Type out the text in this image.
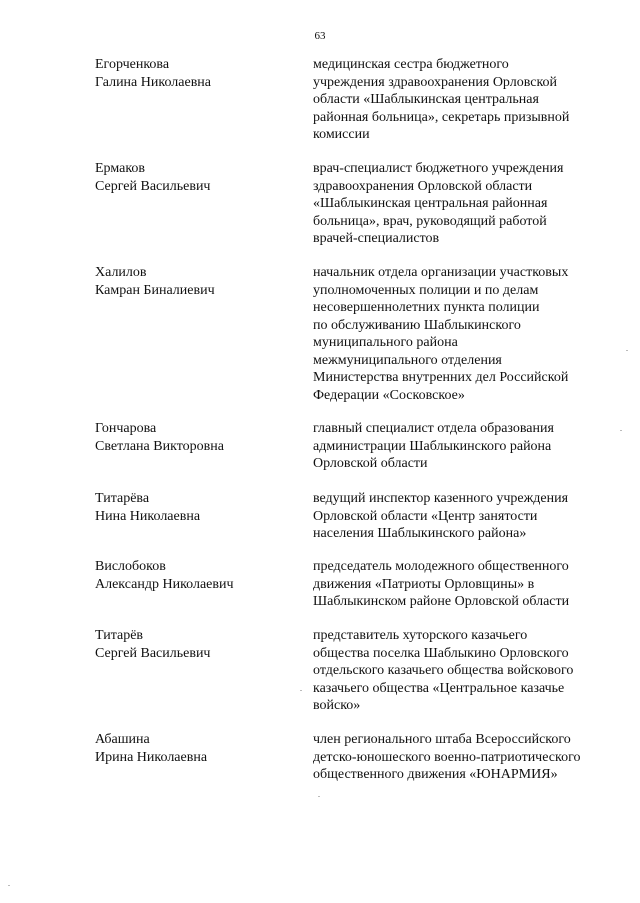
63
Егорченкова
Галина Николаевна
медицинская сестра бюджетного
учреждения здравоохранения Орловской
области «Шаблыкинская центральная
районная больница», секретарь призывной
комиссии
Ермаков
Сергей Васильевич
врач-специалист бюджетного учреждения
здравоохранения Орловской области
«Шаблыкинская центральная районная
больница», врач, руководящий работой
врачей-специалистов
Халилов
Камран Биналиевич
начальник отдела организации участковых
уполномоченных полиции и по делам
несовершеннолетних пункта полиции
по обслуживанию Шаблыкинского
муниципального района
межмуниципального отделения
Министерства внутренних дел Российской
Федерации «Сосковское»
Гончарова
Светлана Викторовна
главный специалист отдела образования
администрации Шаблыкинского района
Орловской области
Титарёва
Нина Николаевна
ведущий инспектор казенного учреждения
Орловской области «Центр занятости
населения Шаблыкинского района»
Вислобоков
Александр Николаевич
председатель молодежного общественного
движения «Патриоты Орловщины» в
Шаблыкинском районе Орловской области
Титарёв
Сергей Васильевич
представитель хуторского казачьего
общества поселка Шаблыкино Орловского
отдельского казачьего общества войскового
казачьего общества «Центральное казачье
войско»
Абашина
Ирина Николаевна
член регионального штаба Всероссийского
детско-юношеского военно-патриотического
общественного движения «ЮНАРМИЯ»
